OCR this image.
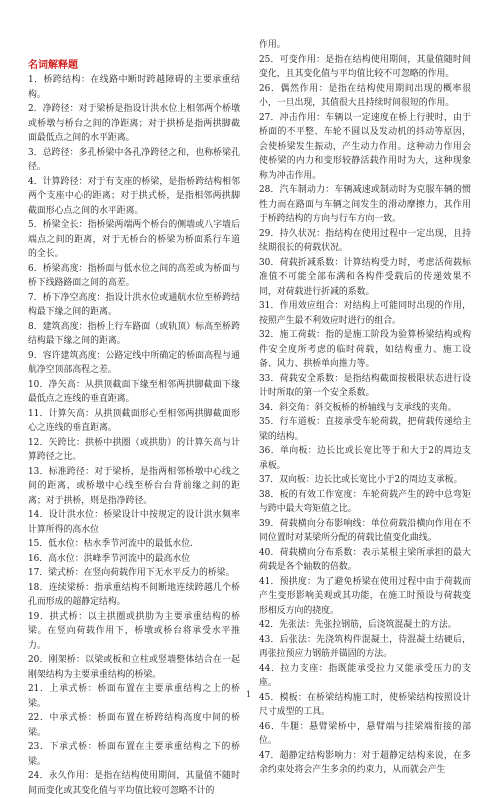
名词解释题

1．桥跨结构：在线路中断时跨越障碍的主要承重结构。

2．净跨径：对于梁桥是指设计洪水位上相邻两个桥墩或桥墩与桥台之间的净距离；对于拱桥是指两拱脚截面最低点之间的水平距离。

3．总跨径：多孔桥梁中各孔净跨径之和，也称桥梁孔径。

4．计算跨径：对于有支座的桥梁，是指桥跨结构相邻两个支座中心的距离；对于拱式桥，是指相邻两拱脚截面形心点之间的水平距离。

5．桥梁全长：指桥梁两端两个桥台的侧墙或八字墙后端点之间的距离，对于无桥台的桥梁为桥面系行车道的全长。

6．桥梁高度：指桥面与低水位之间的高差或为桥面与桥下线路路面之间的高差。

7．桥下净空高度：指设计洪水位或通航水位至桥跨结构最下缘之间的距离。

8．建筑高度：指桥上行车路面（或轨顶）标高至桥跨结构最下缘之间的距离。

9．容许建筑高度：公路定线中所确定的桥面高程与通航净空顶部高程之差。

10．净矢高：从拱顶截面下缘至相邻两拱脚截面下缘最低点之连线的垂直距离。

11．计算矢高：从拱顶截面形心至相邻两拱脚截面形心之连线的垂直距离。

12．矢跨比：拱桥中拱圈（或拱肋）的计算矢高与计算跨径之比。

13．标准跨径：对于梁桥，是指两相邻桥墩中心线之间的距离，或桥墩中心线至桥台台背前缘之间的距离；对于拱桥，则是指净跨径。

14．设计洪水位：桥梁设计中按规定的设计洪水频率计算所得的高水位

15．低水位：枯水季节河流中的最低水位.

16．高水位：洪峰季节河流中的最高水位

17．梁式桥：在竖向荷载作用下无水平反力的桥梁。

18．连续梁桥：指承重结构不间断地连续跨越几个桥孔而形成的超静定结构。

19．拱式桥：以主拱圈或拱肋为主要承重结构的桥梁。在竖向荷载作用下，桥墩或桥台将承受水平推力。

20．刚架桥：以梁或板和立柱或竖墙整体结合在一起刚架结构为主要承重结构的桥梁。

21．上承式桥：桥面布置在主要承重结构之上的桥梁。

22．中承式桥：桥面布置在桥跨结构高度中间的桥梁。

23．下承式桥：桥面布置在主要承重结构之下的桥梁。

24．永久作用：是指在结构使用期间，其量值不随时间而变化或其变化值与平均值比较可忽略不计的

作用。

25．可变作用：是指在结构使用期间，其量值随时间变化，且其变化值与平均值比较不可忽略的作用。

26．偶然作用：是指在结构使用期间出现的概率很小，一旦出现，其值很大且持续时间很短的作用。

27．冲击作用：车辆以一定速度在桥上行驶时，由于桥面的不平整、车轮不圆以及发动机的抖动等原因，会使桥梁发生振动，产生动力作用。这种动力作用会使桥梁的内力和变形较静活载作用时为大，这种现象称为冲击作用。

28．汽车制动力：车辆减速或制动时为克服车辆的惯性力而在路面与车辆之间发生的滑动摩擦力，其作用于桥跨结构的方向与行车方向一致。

29．持久状况：指结构在使用过程中一定出现，且持续期很长的荷载状况。

30．荷载折减系数：计算结构受力时，考虑活荷载标准值不可能全部布满和各构件受载后的传递效果不同，对荷载进行折减的系数。

31．作用效应组合：对结构上可能同时出现的作用，按照产生最不利效应时进行的组合。

32．施工荷载：指的是施工阶段为验算桥梁结构或构件安全度所考虑的临时荷载，如结构重力、施工设备、风力、拱桥单向推力等。

33．荷载安全系数：是指结构截面按极限状态进行设计时所取的第一个安全系数。

34．斜交角：斜交板桥的桥轴线与支承线的夹角。

35．行车道板：直接承受车轮荷载，把荷载传递给主梁的结构。

36．单向板：边长比或长宽比等于和大于2的周边支承板。

37．双向板：边长比或长宽比小于2的周边支承板。

38．板的有效工作宽度：车轮荷载产生的跨中总弯矩与跨中最大弯矩值之比。

39．荷载横向分布影响线：单位荷载沿横向作用在不同位置时对某梁所分配的荷载比值变化曲线。

40．荷载横向分布系数：表示某根主梁所承担的最大荷载是各个轴数的倍数。

41．预拱度：为了避免桥梁在使用过程中由于荷载而产生变形影响美观或其功能，在施工时预设与荷载变形相反方向的挠度。

42．先张法：先张拉钢筋，后浇筑混凝土的方法。

43．后张法：先浇筑构件混凝土，待混凝土结硬后，再张拉预应力钢筋并锚固的方法。

44．拉力支座：指既能承受拉力又能承受压力的支座。

45．模板：在桥梁结构施工时，使桥梁结构按照设计尺寸成型的工具。

46．牛腿：悬臂梁桥中，悬臂端与挂梁端衔接的部位。

47．超静定结构影响力：对于超静定结构来说，在多余约束处将会产生多余的约束力，从而就会产生

1
